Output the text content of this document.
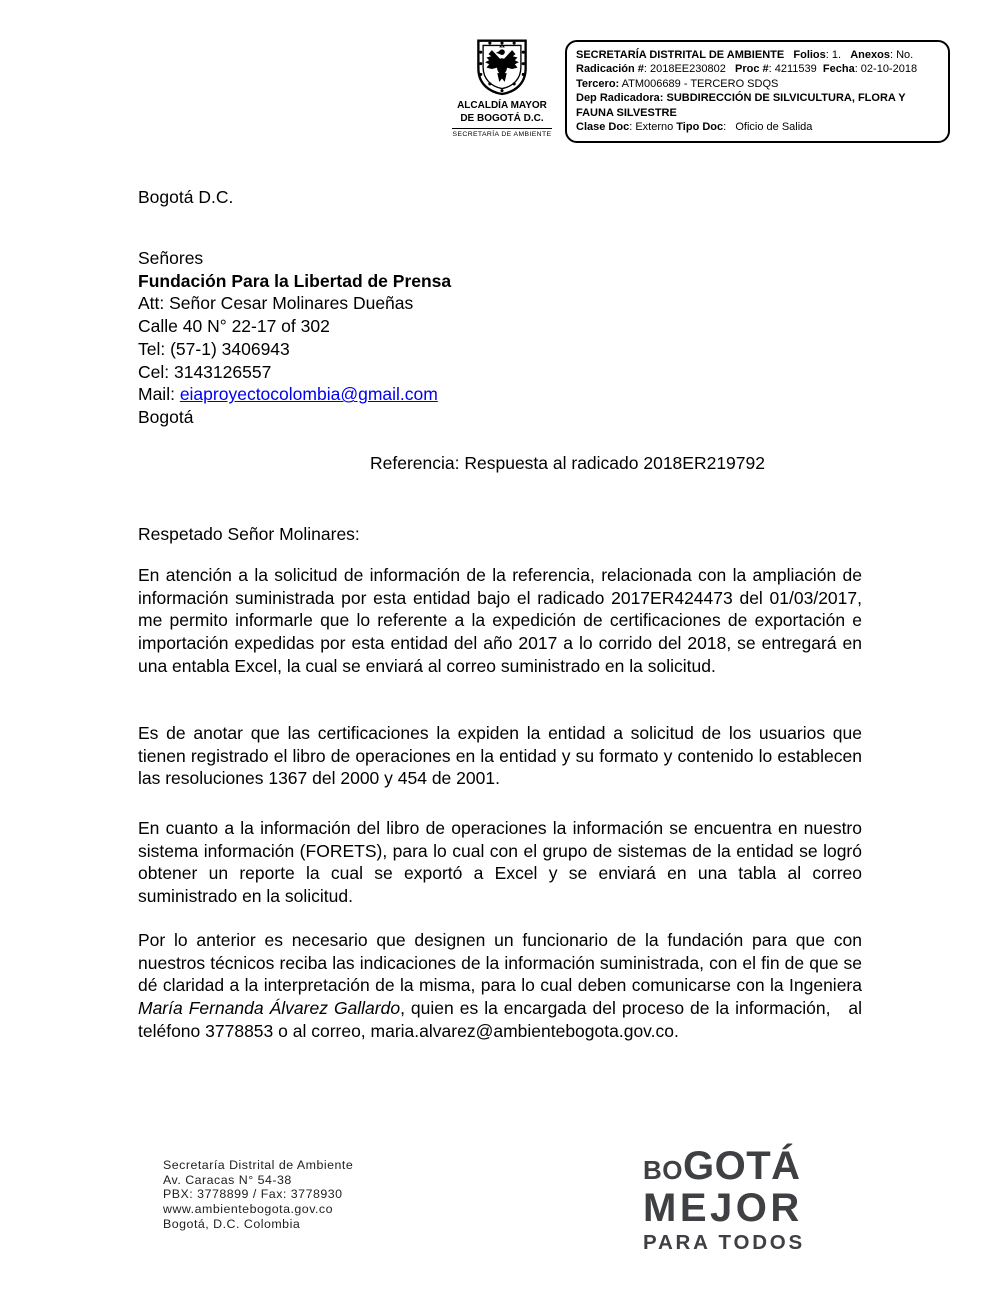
ALCALDÍA MAYOR
DE BOGOTÁ D.C.
SECRETARÍA DE AMBIENTE
SECRETARÍA DISTRITAL DE AMBIENTE Folios: 1. Anexos: No.
Radicación #: 2018EE230802 Proc #: 4211539 Fecha: 02-10-2018
Tercero: ATM006689 - TERCERO SDQS
Dep Radicadora: SUBDIRECCIÓN DE SILVICULTURA, FLORA Y FAUNA SILVESTRE
Clase Doc: Externo Tipo Doc:   Oficio de Salida
Bogotá D.C.
Señores
Fundación Para la Libertad de Prensa
Att: Señor Cesar Molinares Dueñas
Calle 40 N° 22-17 of 302
Tel: (57-1) 3406943
Cel: 3143126557
Mail: eiaproyectocolombia@gmail.com
Bogotá
Referencia: Respuesta al radicado 2018ER219792
Respetado Señor Molinares:

En atención a la solicitud de información de la referencia, relacionada con la ampliación de información suministrada por esta entidad bajo el radicado 2017ER424473 del 01/03/2017, me permito informarle que lo referente a la expedición de certificaciones de exportación e importación expedidas por esta entidad del año 2017 a lo corrido del 2018, se entregará en una entabla Excel, la cual se enviará al correo suministrado en la solicitud.

Es de anotar que las certificaciones la expiden la entidad a solicitud de los usuarios que tienen registrado el libro de operaciones en la entidad y su formato y contenido lo establecen las resoluciones 1367 del 2000 y 454 de 2001.

En cuanto a la información del libro de operaciones la información se encuentra en nuestro sistema información (FORETS), para lo cual con el grupo de sistemas de la entidad se logró obtener un reporte la cual se exportó a Excel y se enviará en una tabla al correo suministrado en la solicitud.

Por lo anterior es necesario que designen un funcionario de la fundación para que con nuestros técnicos reciba las indicaciones de la información suministrada, con el fin de que se dé claridad a la interpretación de la misma, para lo cual deben comunicarse con la Ingeniera María Fernanda Álvarez Gallardo, quien es la encargada del proceso de la información,   al teléfono 3778853 o al correo, maria.alvarez@ambientebogota.gov.co.

Secretaría Distrital de Ambiente
Av. Caracas N° 54-38
PBX: 3778899 / Fax: 3778930
www.ambientebogota.gov.co
Bogotá, D.C. Colombia
BO GOTÁ
MEJOR
PARA TODOS
